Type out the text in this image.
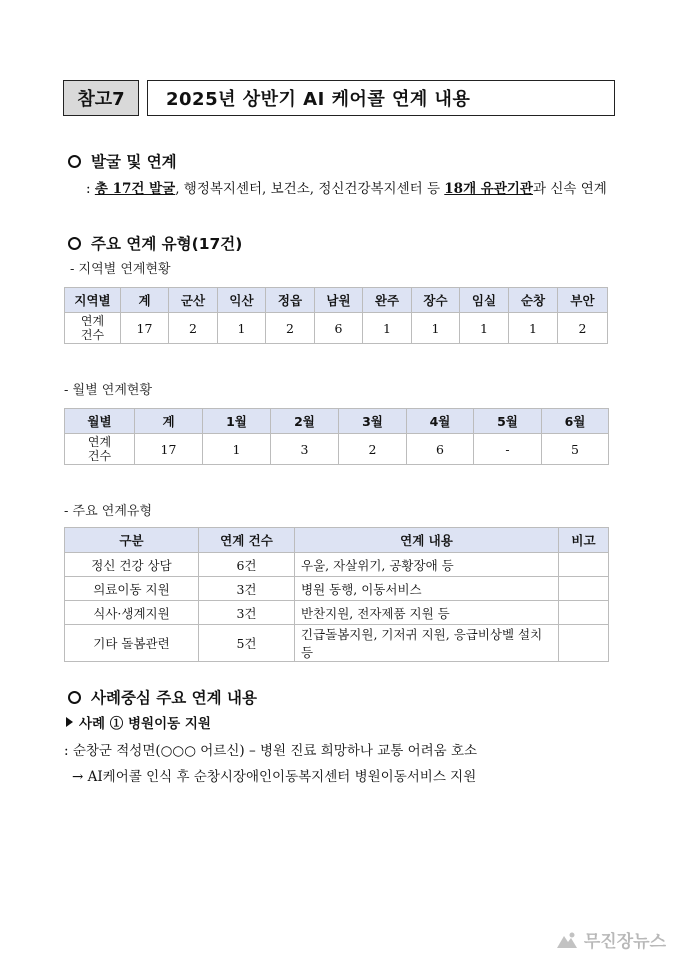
참고7	2025년 상반기 AI 케어콜 연계 내용
발굴 및 연계
: 총 17건 발굴, 행정복지센터, 보건소, 정신건강복지센터 등 18개 유관기관과 신속 연계
주요 연계 유형(17건)
- 지역별 연계현황
지역별	계	군산	익산	정읍	남원	완주	장수	임실	순창	부안
연계
건수	17	2	1	2	6	1	1	1	1	2
- 월별 연계현황
월별	계	1월	2월	3월	4월	5월	6월
연계
건수	17	1	3	2	6	-	5
- 주요 연계유형
구분	연계 건수	연계 내용	비고
정신 건강 상담	6건	우울, 자살위기, 공황장애 등	
의료이동 지원	3건	병원 동행, 이동서비스	
식사·생계지원	3건	반찬지원, 전자제품 지원 등	
기타 돌봄관련	5건	긴급돌봄지원, 기저귀 지원, 응급비상벨 설치 등	
사례중심 주요 연계 내용
사례 ① 병원이동 지원
: 순창군 적성면(○○○ 어르신) – 병원 진료 희망하나 교통 어려움 호소
→ AI케어콜 인식 후 순창시장애인이동복지센터 병원이동서비스 지원
무진장뉴스
